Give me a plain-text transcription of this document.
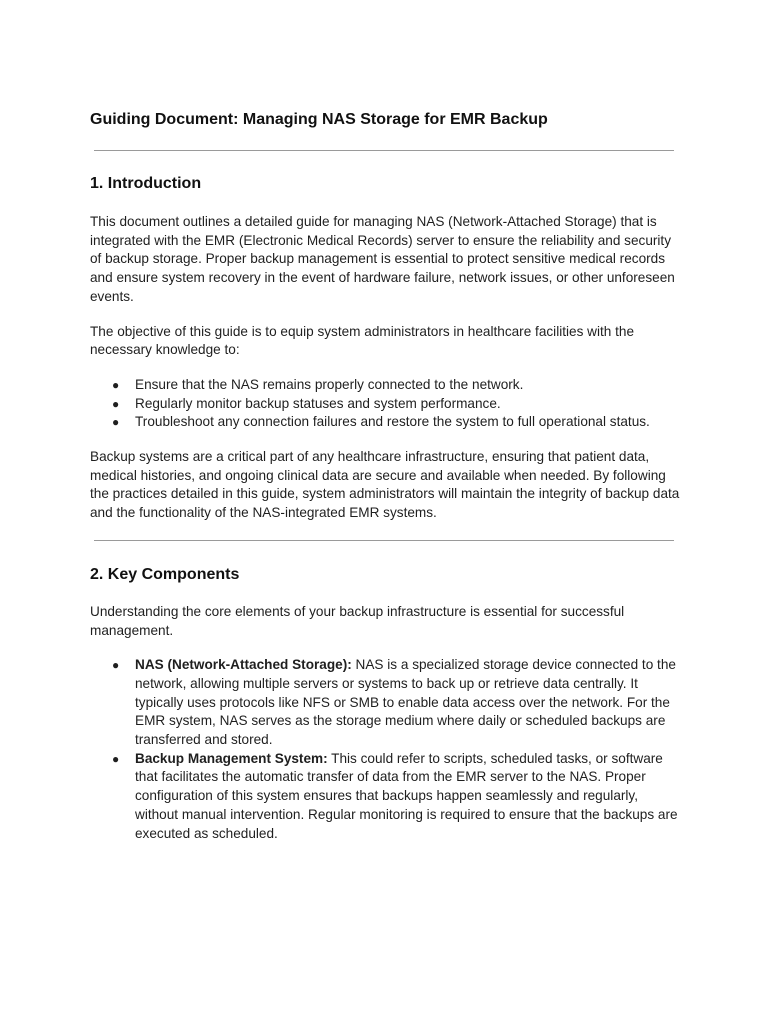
Guiding Document: Managing NAS Storage for EMR Backup
1. Introduction

This document outlines a detailed guide for managing NAS (Network-Attached Storage) that is integrated with the EMR (Electronic Medical Records) server to ensure the reliability and security of backup storage. Proper backup management is essential to protect sensitive medical records and ensure system recovery in the event of hardware failure, network issues, or other unforeseen events.

The objective of this guide is to equip system administrators in healthcare facilities with the necessary knowledge to:

● Ensure that the NAS remains properly connected to the network.
● Regularly monitor backup statuses and system performance.
● Troubleshoot any connection failures and restore the system to full operational status.

Backup systems are a critical part of any healthcare infrastructure, ensuring that patient data, medical histories, and ongoing clinical data are secure and available when needed. By following the practices detailed in this guide, system administrators will maintain the integrity of backup data and the functionality of the NAS-integrated EMR systems.

2. Key Components

Understanding the core elements of your backup infrastructure is essential for successful management.

● NAS (Network-Attached Storage): NAS is a specialized storage device connected to the network, allowing multiple servers or systems to back up or retrieve data centrally. It typically uses protocols like NFS or SMB to enable data access over the network. For the EMR system, NAS serves as the storage medium where daily or scheduled backups are transferred and stored.
● Backup Management System: This could refer to scripts, scheduled tasks, or software that facilitates the automatic transfer of data from the EMR server to the NAS. Proper configuration of this system ensures that backups happen seamlessly and regularly, without manual intervention. Regular monitoring is required to ensure that the backups are executed as scheduled.
